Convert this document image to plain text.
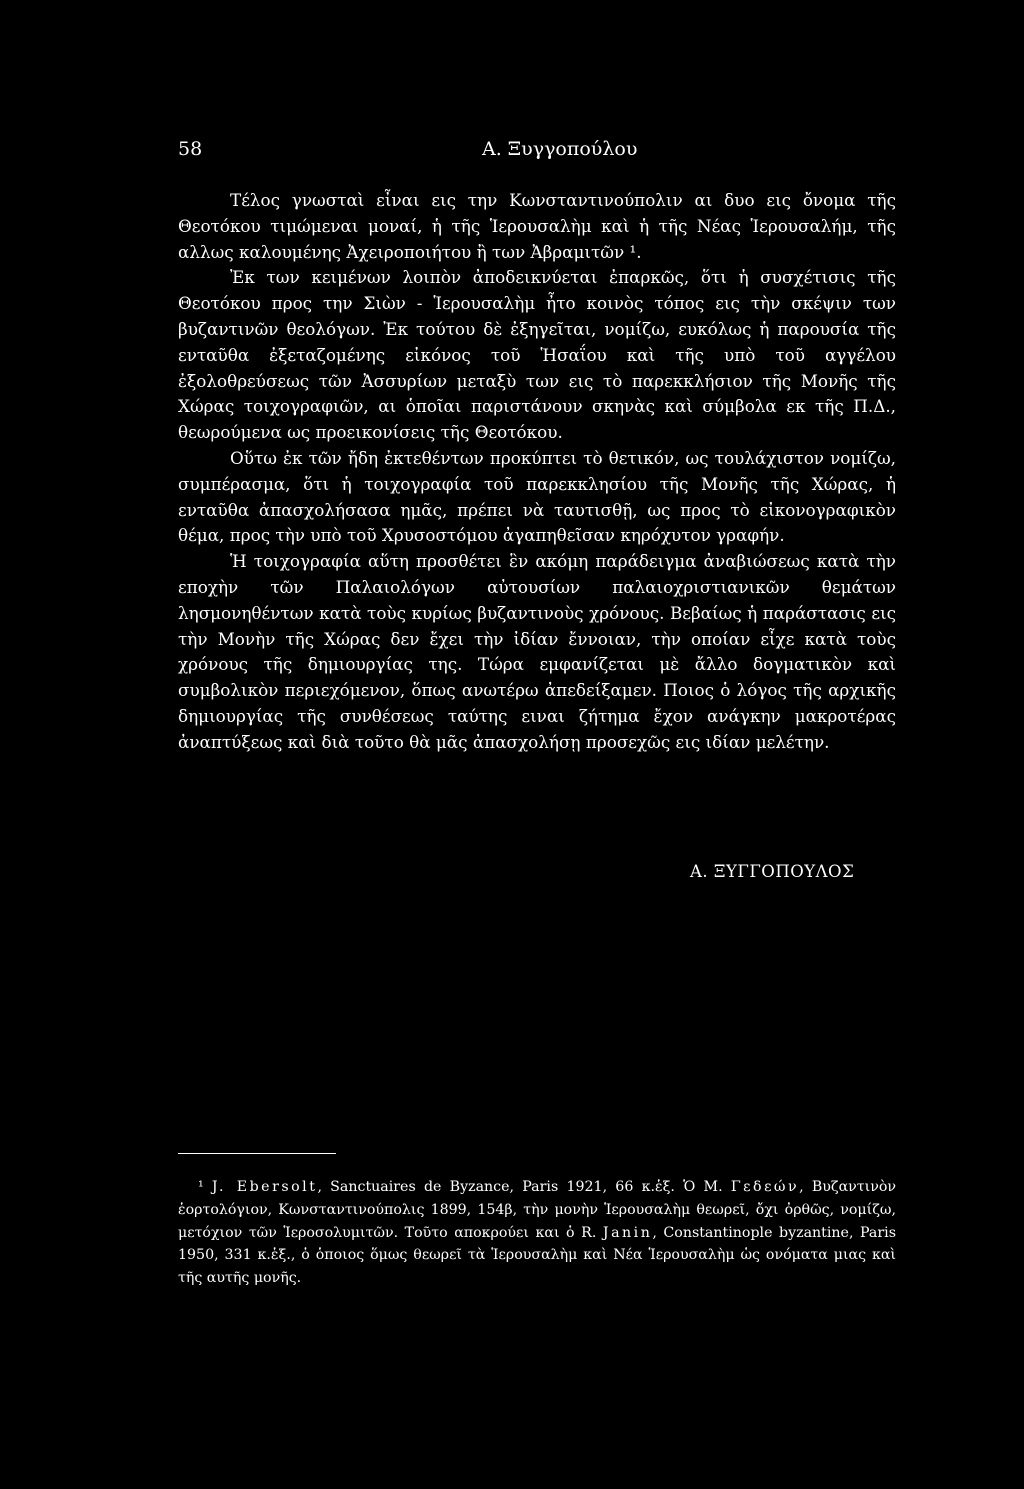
58	Α. Ξυγγοπούλου

Τέλος γνωσταὶ εἶναι εις την Κωνσταντινούπολιν αι δυο εις ὄνομα τῆς Θεοτόκου τιμώμεναι μοναί, ἡ τῆς Ἱερουσαλὴμ καὶ ἡ τῆς Νέας Ἱερουσαλήμ, τῆς αλλως καλουμένης Ἀχειροποιήτου ἢ των Ἀβραμιτῶν ¹.

Ἐκ των κειμένων λοιπὸν ἀποδεικνύεται ἐπαρκῶς, ὅτι ἡ συσχέτισις τῆς Θεοτόκου προς την Σιὼν - Ἱερουσαλὴμ ἦτο κοινὸς τόπος εις τὴν σκέψιν των βυζαντινῶν θεολόγων. Ἐκ τούτου δὲ ἐξηγεῖται, νομίζω, ευκόλως ἡ παρουσία τῆς ενταῦθα ἐξεταζομένης εἰκόνος τοῦ Ἡσαΐου καὶ τῆς υπὸ τοῦ αγγέλου ἐξολοθρεύσεως τῶν Ἀσσυρίων μεταξὺ των εις τὸ παρεκκλήσιον τῆς Μονῆς τῆς Χώρας τοιχογραφιῶν, αι ὁποῖαι παριστάνουν σκηνὰς καὶ σύμβολα εκ τῆς Π.Δ., θεωρούμενα ως προεικονίσεις τῆς Θεοτόκου.

Οὕτω ἐκ τῶν ἤδη ἐκτεθέντων προκύπτει τὸ θετικόν, ως τουλάχιστον νομίζω, συμπέρασμα, ὅτι ἡ τοιχογραφία τοῦ παρεκκλησίου τῆς Μονῆς τῆς Χώρας, ἡ ενταῦθα ἀπασχολήσασα ημᾶς, πρέπει νὰ ταυτισθῇ, ως προς τὸ εἰκονογραφικὸν θέμα, προς τὴν υπὸ τοῦ Χρυσοστόμου ἀγαπηθεῖσαν κηρόχυτον γραφήν.

Ἡ τοιχογραφία αὕτη προσθέτει ἓν ακόμη παράδειγμα ἀναβιώσεως κατὰ τὴν εποχὴν τῶν Παλαιολόγων αὐτουσίων παλαιοχριστιανικῶν θεμάτων λησμονηθέντων κατὰ τοὺς κυρίως βυζαντινοὺς χρόνους. Βεβαίως ἡ παράστασις εις τὴν Μονὴν τῆς Χώρας δεν ἔχει τὴν ἰδίαν ἔννοιαν, τὴν οποίαν εἶχε κατὰ τοὺς χρόνους τῆς δημιουργίας της. Τώρα εμφανίζεται μὲ ἄλλο δογματικὸν καὶ συμβολικὸν περιεχόμενον, ὅπως ανωτέρω ἀπεδείξαμεν. Ποιος ὁ λόγος τῆς αρχικῆς δημιουργίας τῆς συνθέσεως ταύτης ειναι ζήτημα ἔχον ανάγκην μακροτέρας ἀναπτύξεως καὶ διὰ τοῦτο θὰ μᾶς ἀπασχολήσῃ προσεχῶς εις ιδίαν μελέτην.

Α. ΞΥΓΓΟΠΟΥΛΟΣ

¹ J. Ebersolt, Sanctuaires de Byzance, Paris 1921, 66 κ.ἑξ. Ὁ Μ. Γεδεών, Βυζαντινὸν ἑορτολόγιον, Κωνσταντινούπολις 1899, 154β, τὴν μονὴν Ἱερουσαλὴμ θεωρεῖ, ὄχι ὀρθῶς, νομίζω, μετόχιον τῶν Ἱεροσολυμιτῶν. Τοῦτο αποκρούει και ὁ R. Janin, Constantinople byzantine, Paris 1950, 331 κ.ἑξ., ὁ ὁποιος ὅμως θεωρεῖ τὰ Ἱερουσαλὴμ καὶ Νέα Ἱερουσαλὴμ ὡς ονόματα μιας καὶ τῆς αυτῆς μονῆς.
